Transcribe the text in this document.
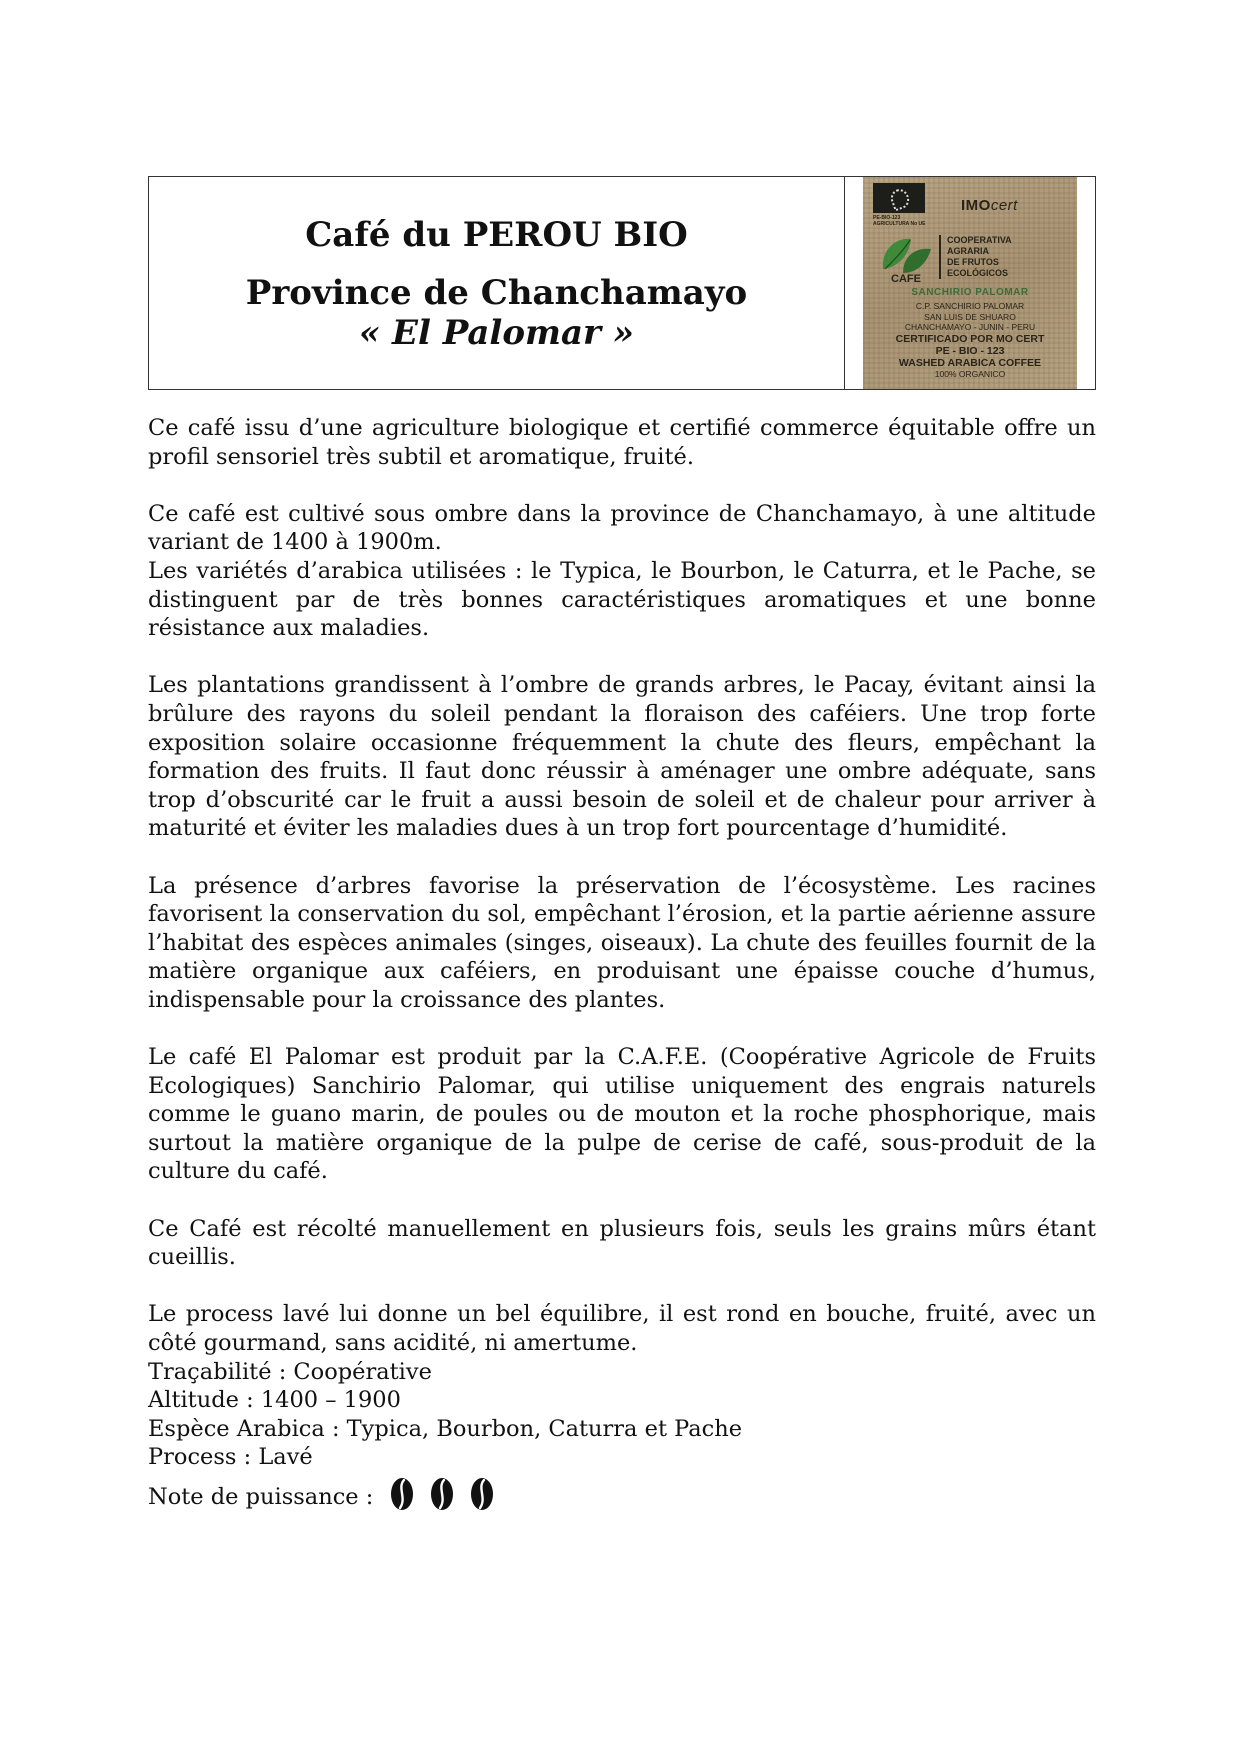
Café du PEROU BIO
Province de Chanchamayo
« El Palomar »
PE-BIO-123 AGRICULTURA No UE
IMOcert
COOPERATIVA
AGRARIA
DE FRUTOS
ECOLÓGICOS
CAFE
SANCHIRIO PALOMAR
C.P. SANCHIRIO PALOMAR
SAN LUIS DE SHUARO
CHANCHAMAYO - JUNIN - PERU
CERTIFICADO POR MO CERT
PE - BIO - 123
WASHED ARABICA COFFEE
100% ORGANICO

Ce café issu d’une agriculture biologique et certifié commerce équitable offre un profil sensoriel très subtil et aromatique, fruité.

Ce café est cultivé sous ombre dans la province de Chanchamayo, à une altitude variant de 1400 à 1900m.

Les variétés d’arabica utilisées : le Typica, le Bourbon, le Caturra, et le Pache, se distinguent par de très bonnes caractéristiques aromatiques et une bonne résistance aux maladies.

Les plantations grandissent à l’ombre de grands arbres, le Pacay, évitant ainsi la brûlure des rayons du soleil pendant la floraison des caféiers. Une trop forte exposition solaire occasionne fréquemment la chute des fleurs, empêchant la formation des fruits. Il faut donc réussir à aménager une ombre adéquate, sans trop d’obscurité car le fruit a aussi besoin de soleil et de chaleur pour arriver à maturité et éviter les maladies dues à un trop fort pourcentage d’humidité.

La présence d’arbres favorise la préservation de l’écosystème. Les racines favorisent la conservation du sol, empêchant l’érosion, et la partie aérienne assure l’habitat des espèces animales (singes, oiseaux). La chute des feuilles fournit de la matière organique aux caféiers, en produisant une épaisse couche d’humus, indispensable pour la croissance des plantes.

Le café El Palomar est produit par la C.A.F.E. (Coopérative Agricole de Fruits Ecologiques) Sanchirio Palomar, qui utilise uniquement des engrais naturels comme le guano marin, de poules ou de mouton et la roche phosphorique, mais surtout la matière organique de la pulpe de cerise de café, sous-produit de la culture du café.

Ce Café est récolté manuellement en plusieurs fois, seuls les grains mûrs étant cueillis.

Le process lavé lui donne un bel équilibre, il est rond en bouche, fruité, avec un côté gourmand, sans acidité, ni amertume.

Traçabilité : Coopérative

Altitude : 1400 – 1900

Espèce Arabica : Typica, Bourbon, Caturra et Pache

Process : Lavé

Note de puissance :
